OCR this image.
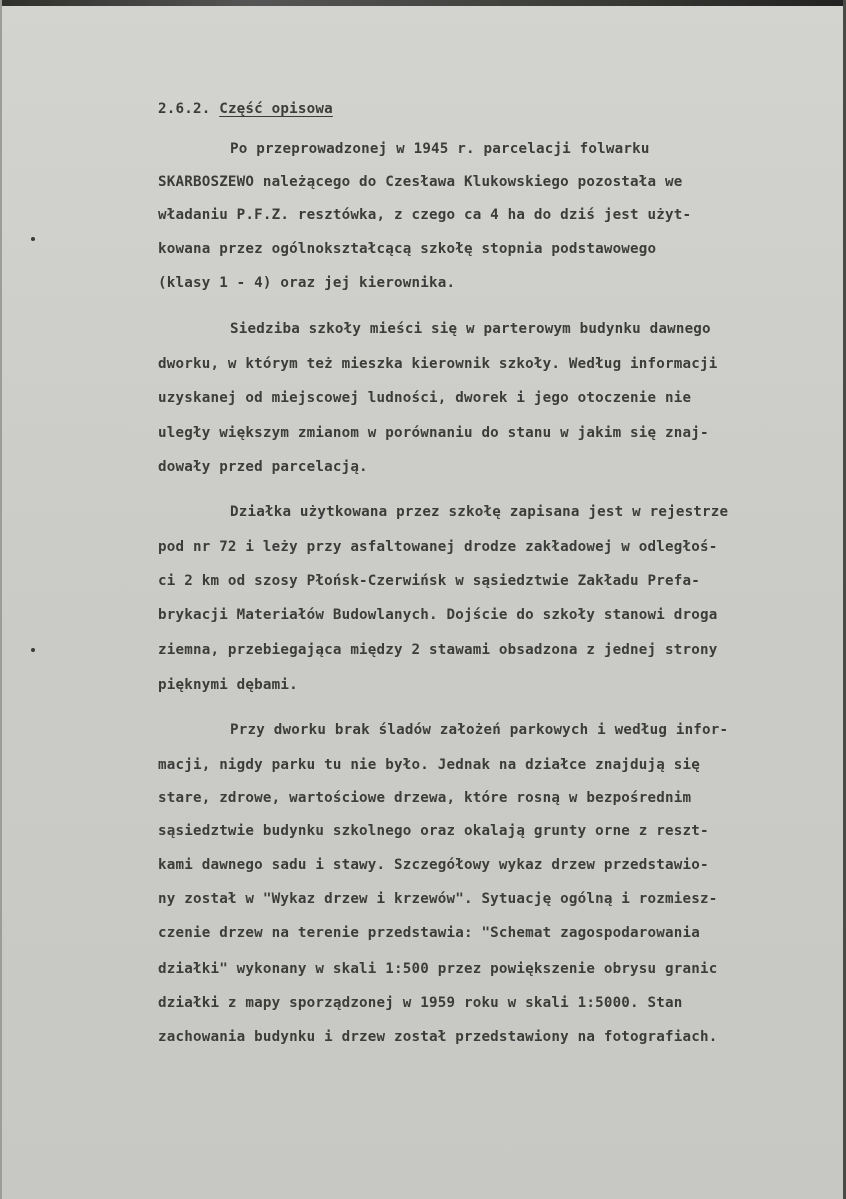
2.6.2. Część opisowa

Po przeprowadzonej w 1945 r. parcelacji folwarku

SKARBOSZEWO należącego do Czesława Klukowskiego pozostała we

władaniu P.F.Z. resztówka, z czego ca 4 ha do dziś jest użyt-

kowana przez ogólnokształcącą szkołę stopnia podstawowego

(klasy 1 - 4) oraz jej kierownika.

Siedziba szkoły mieści się w parterowym budynku dawnego

dworku, w którym też mieszka kierownik szkoły. Według informacji

uzyskanej od miejscowej ludności, dworek i jego otoczenie nie

uległy większym zmianom w porównaniu do stanu w jakim się znaj-

dowały przed parcelacją.

Działka użytkowana przez szkołę zapisana jest w rejestrze

pod nr 72 i leży przy asfaltowanej drodze zakładowej w odległoś-

ci 2 km od szosy Płońsk-Czerwińsk w sąsiedztwie Zakładu Prefa-

brykacji Materiałów Budowlanych. Dojście do szkoły stanowi droga

ziemna, przebiegająca między 2 stawami obsadzona z jednej strony

pięknymi dębami.

Przy dworku brak śladów założeń parkowych i według infor-

macji, nigdy parku tu nie było. Jednak na działce znajdują się

stare, zdrowe, wartościowe drzewa, które rosną w bezpośrednim

sąsiedztwie budynku szkolnego oraz okalają grunty orne z reszt-

kami dawnego sadu i stawy. Szczegółowy wykaz drzew przedstawio-

ny został w "Wykaz drzew i krzewów". Sytuację ogólną i rozmiesz-

czenie drzew na terenie przedstawia: "Schemat zagospodarowania

działki" wykonany w skali 1:500 przez powiększenie obrysu granic

działki z mapy sporządzonej w 1959 roku w skali 1:5000. Stan

zachowania budynku i drzew został przedstawiony na fotografiach.
